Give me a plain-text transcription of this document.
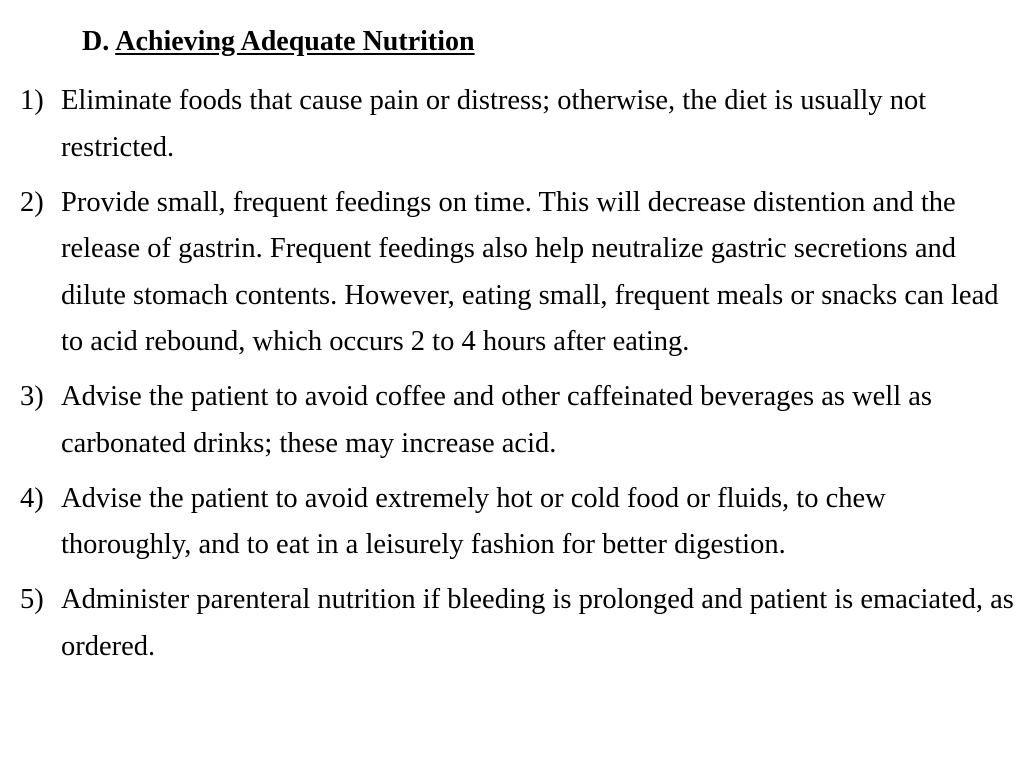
D. Achieving Adequate Nutrition
1) Eliminate foods that cause pain or distress; otherwise, the diet is usually not restricted.
2) Provide small, frequent feedings on time. This will decrease distention and the release of gastrin. Frequent feedings also help neutralize gastric secretions and dilute stomach contents. However, eating small, frequent meals or snacks can lead to acid rebound, which occurs 2 to 4 hours after eating.
3) Advise the patient to avoid coffee and other caffeinated beverages as well as carbonated drinks; these may increase acid.
4) Advise the patient to avoid extremely hot or cold food or fluids, to chew thoroughly, and to eat in a leisurely fashion for better digestion.
5) Administer parenteral nutrition if bleeding is prolonged and patient is emaciated, as ordered.
